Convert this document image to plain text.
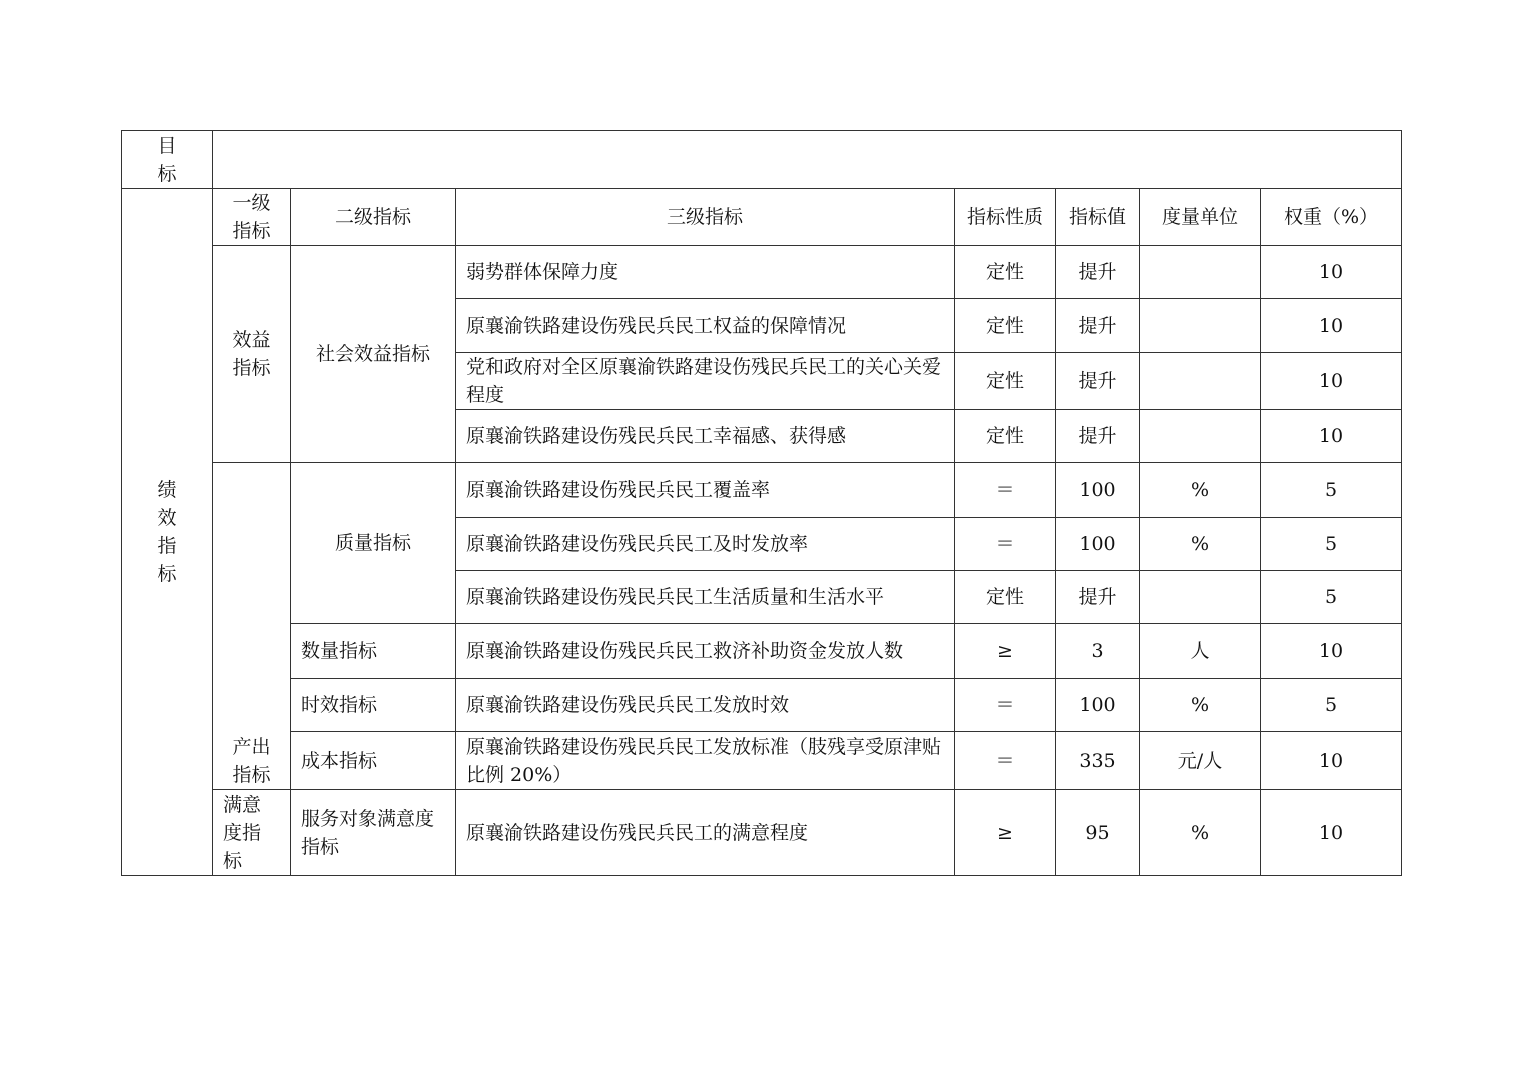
目标							

绩效指标	一级指标	二级指标	三级指标	指标性质	指标值	度量单位	权重（%）

	效益指标	社会效益指标	弱势群体保障力度	定性	提升		10
			原襄渝铁路建设伤残民兵民工权益的保障情况	定性	提升		10
			党和政府对全区原襄渝铁路建设伤残民兵民工的关心关爱程度	定性	提升		10
			原襄渝铁路建设伤残民兵民工幸福感、获得感	定性	提升		10

	产出指标	质量指标	原襄渝铁路建设伤残民兵民工覆盖率	＝	100	%	5
			原襄渝铁路建设伤残民兵民工及时发放率	＝	100	%	5
			原襄渝铁路建设伤残民兵民工生活质量和生活水平	定性	提升		5
		数量指标	原襄渝铁路建设伤残民兵民工救济补助资金发放人数	≥	3	人	10
		时效指标	原襄渝铁路建设伤残民兵民工发放时效	＝	100	%	5
		成本指标	原襄渝铁路建设伤残民兵民工发放标准（肢残享受原津贴比例 20%）	＝	335	元/人	10

	满意度指标	服务对象满意度指标	原襄渝铁路建设伤残民兵民工的满意程度	≥	95	%	10
